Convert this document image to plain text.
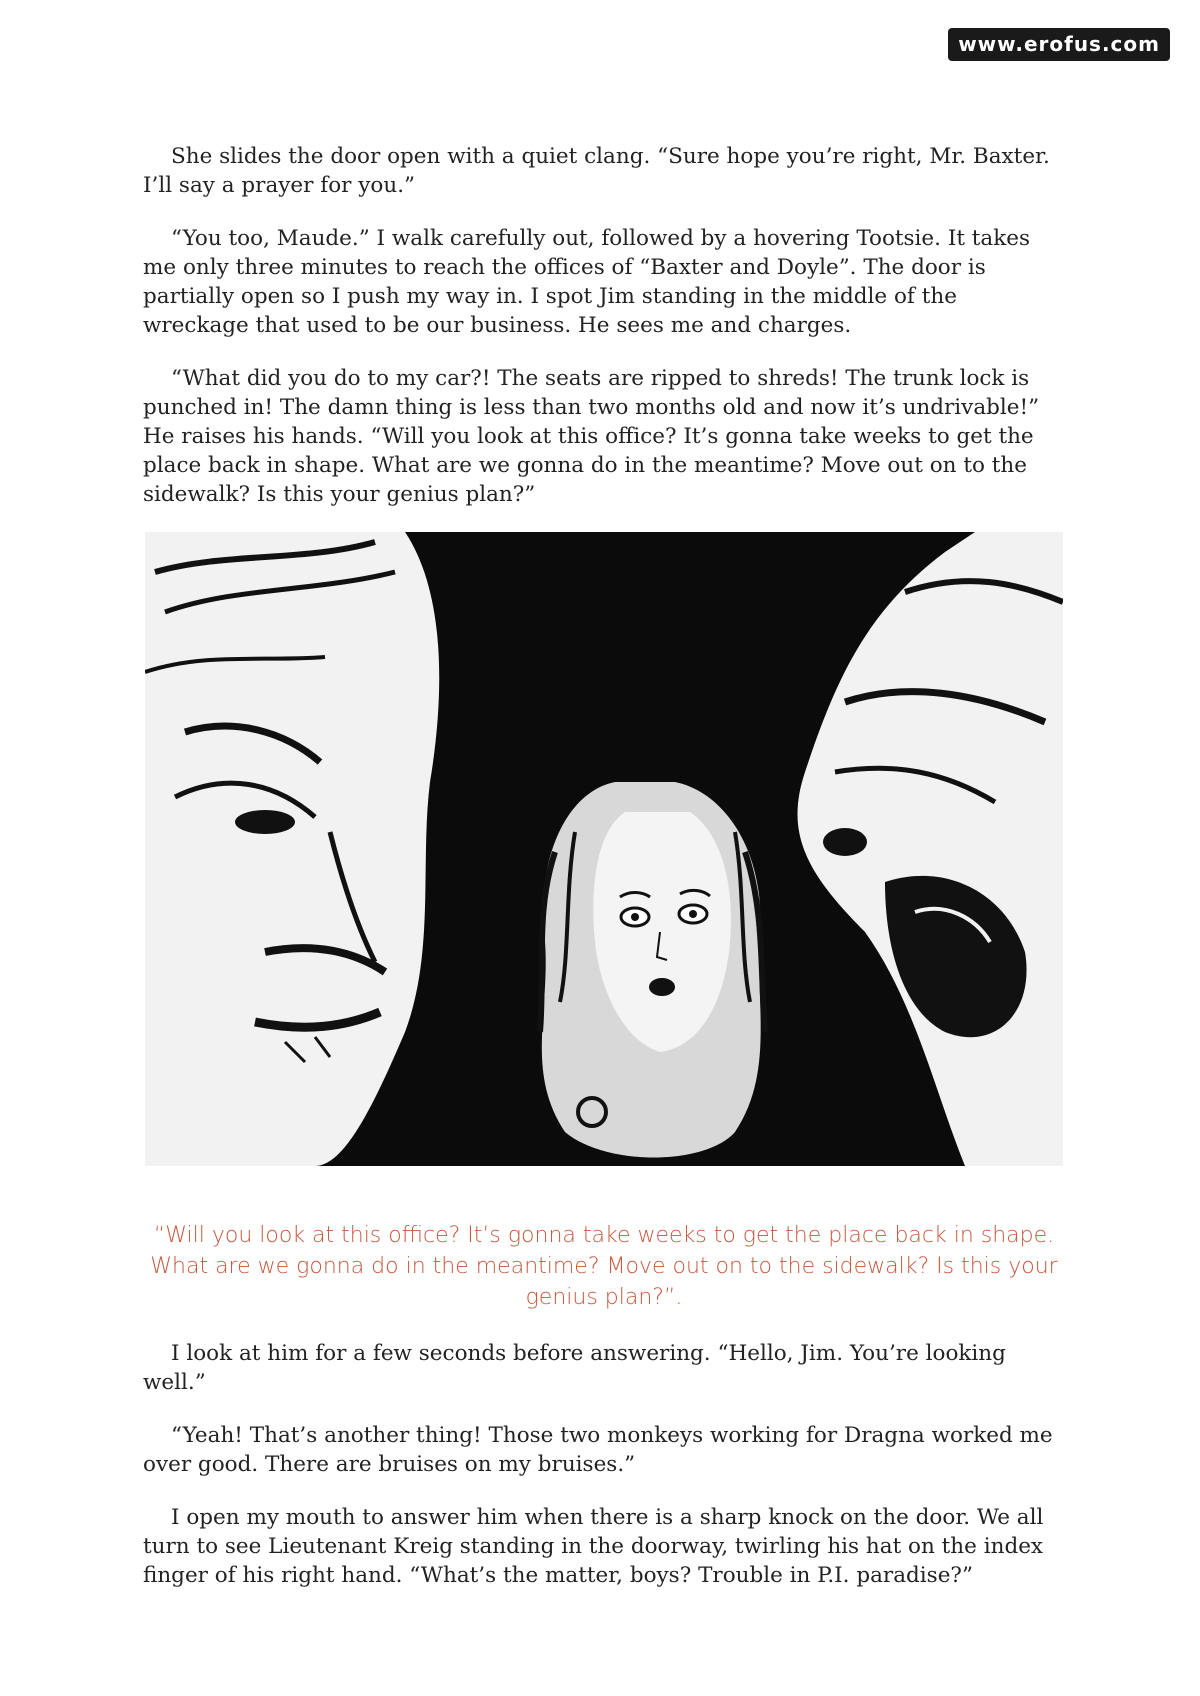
www.erofus.com

She slides the door open with a quiet clang. “Sure hope you’re right, Mr. Baxter. I’ll say a prayer for you.”

“You too, Maude.” I walk carefully out, followed by a hovering Tootsie. It takes me only three minutes to reach the offices of “Baxter and Doyle”. The door is partially open so I push my way in. I spot Jim standing in the middle of the wreckage that used to be our business. He sees me and charges.

“What did you do to my car?! The seats are ripped to shreds! The trunk lock is punched in! The damn thing is less than two months old and now it’s undrivable!” He raises his hands. “Will you look at this office? It’s gonna take weeks to get the place back in shape. What are we gonna do in the meantime? Move out on to the sidewalk? Is this your genius plan?”

“Will you look at this office? It’s gonna take weeks to get the place back in shape. What are we gonna do in the meantime? Move out on to the sidewalk? Is this your genius plan?”.

I look at him for a few seconds before answering. “Hello, Jim. You’re looking well.”

“Yeah! That’s another thing! Those two monkeys working for Dragna worked me over good. There are bruises on my bruises.”

I open my mouth to answer him when there is a sharp knock on the door. We all turn to see Lieutenant Kreig standing in the doorway, twirling his hat on the index finger of his right hand. “What’s the matter, boys? Trouble in P.I. paradise?”
